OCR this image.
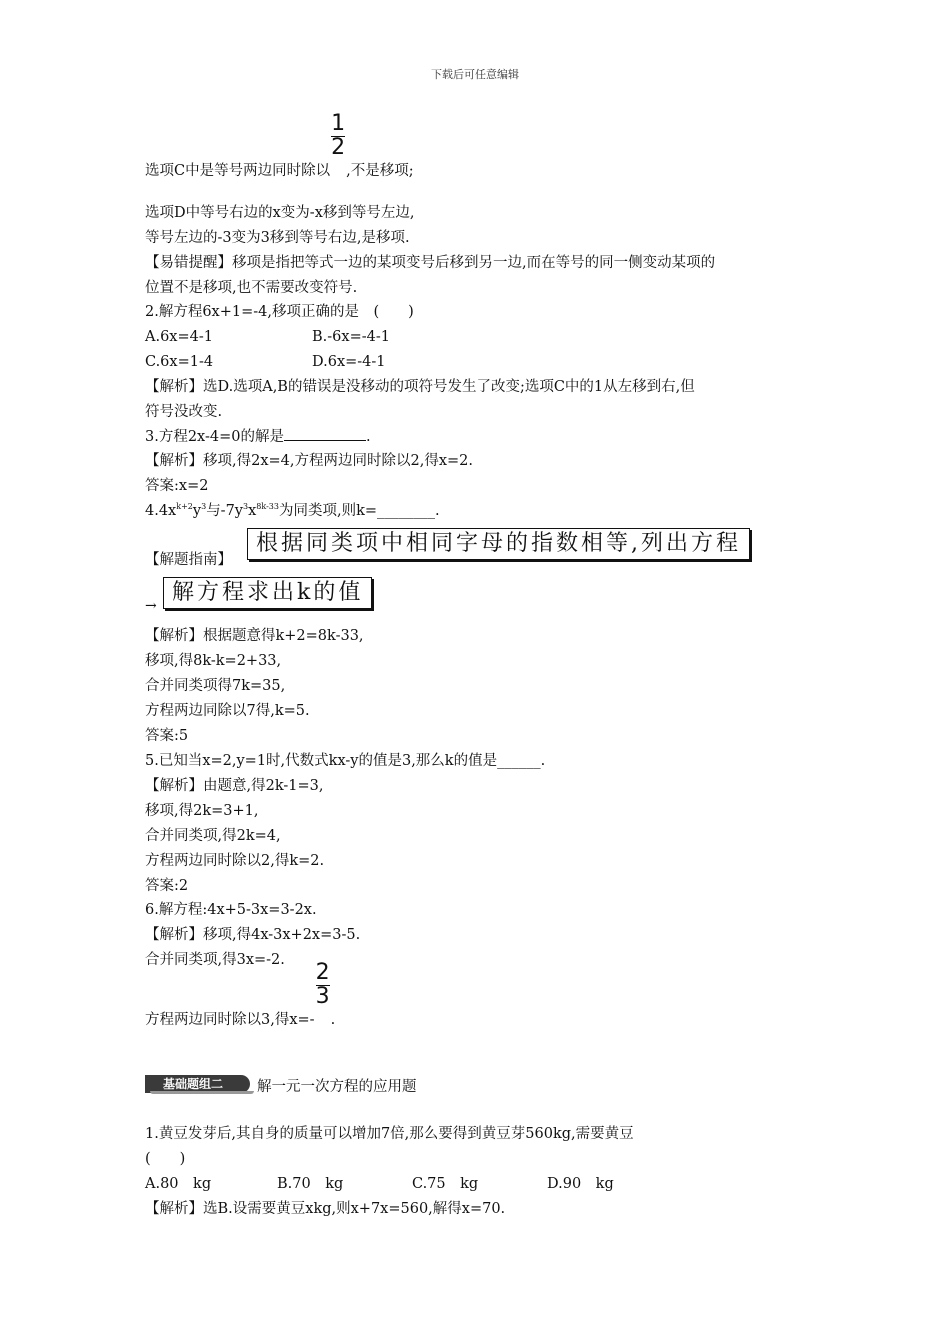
下载后可任意编辑
选项C中是等号两边同时除以 $\frac{1}{2}$ ,不是移项;
选项D中等号右边的x变为-x移到等号左边,
等号左边的-3变为3移到等号右边,是移项.
【易错提醒】移项是指把等式一边的某项变号后移到另一边,而在等号的同一侧变动某项的
位置不是移项,也不需要改变符号.
2.解方程6x+1=-4,移项正确的是　(　　)
A.6x=4-1	B.-6x=-4-1
C.6x=1-4	D.6x=-4-1
【解析】选D.选项A,B的错误是没移动的项符号发生了改变;选项C中的1从左移到右,但
符号没改变.
3.方程2x-4=0的解是	.
【解析】移项,得2x=4,方程两边同时除以2,得x=2.
答案:x=2
$4.4x^{k+2}y^3$与$-7y^3x^{8k-33}$为同类项,则k=________.
【解题指南】
根据同类项中相同字母的指数相等,列出方程
→
解方程求出k的值
【解析】根据题意得k+2=8k-33,
移项,得8k-k=2+33,
合并同类项得7k=35,
方程两边同除以7得,k=5.
答案:5
5.已知当x=2,y=1时,代数式kx-y的值是3,那么k的值是______.
【解析】由题意,得2k-1=3,
移项,得2k=3+1,
合并同类项,得2k=4,
方程两边同时除以2,得k=2.
答案:2
6.解方程:4x+5-3x=3-2x.
【解析】移项,得4x-3x+2x=3-5.
合并同类项,得3x=-2.
方程两边同时除以3,得$x=- \frac{2}{3}$ .
基础题组二	解一元一次方程的应用题
1.黄豆发芽后,其自身的质量可以增加7倍,那么要得到黄豆芽560kg,需要黄豆
(　　)
A.80　kg	B.70　kg	C.75　kg	D.90　kg
【解析】选B.设需要黄豆xkg,则x+7x=560,解得x=70.
